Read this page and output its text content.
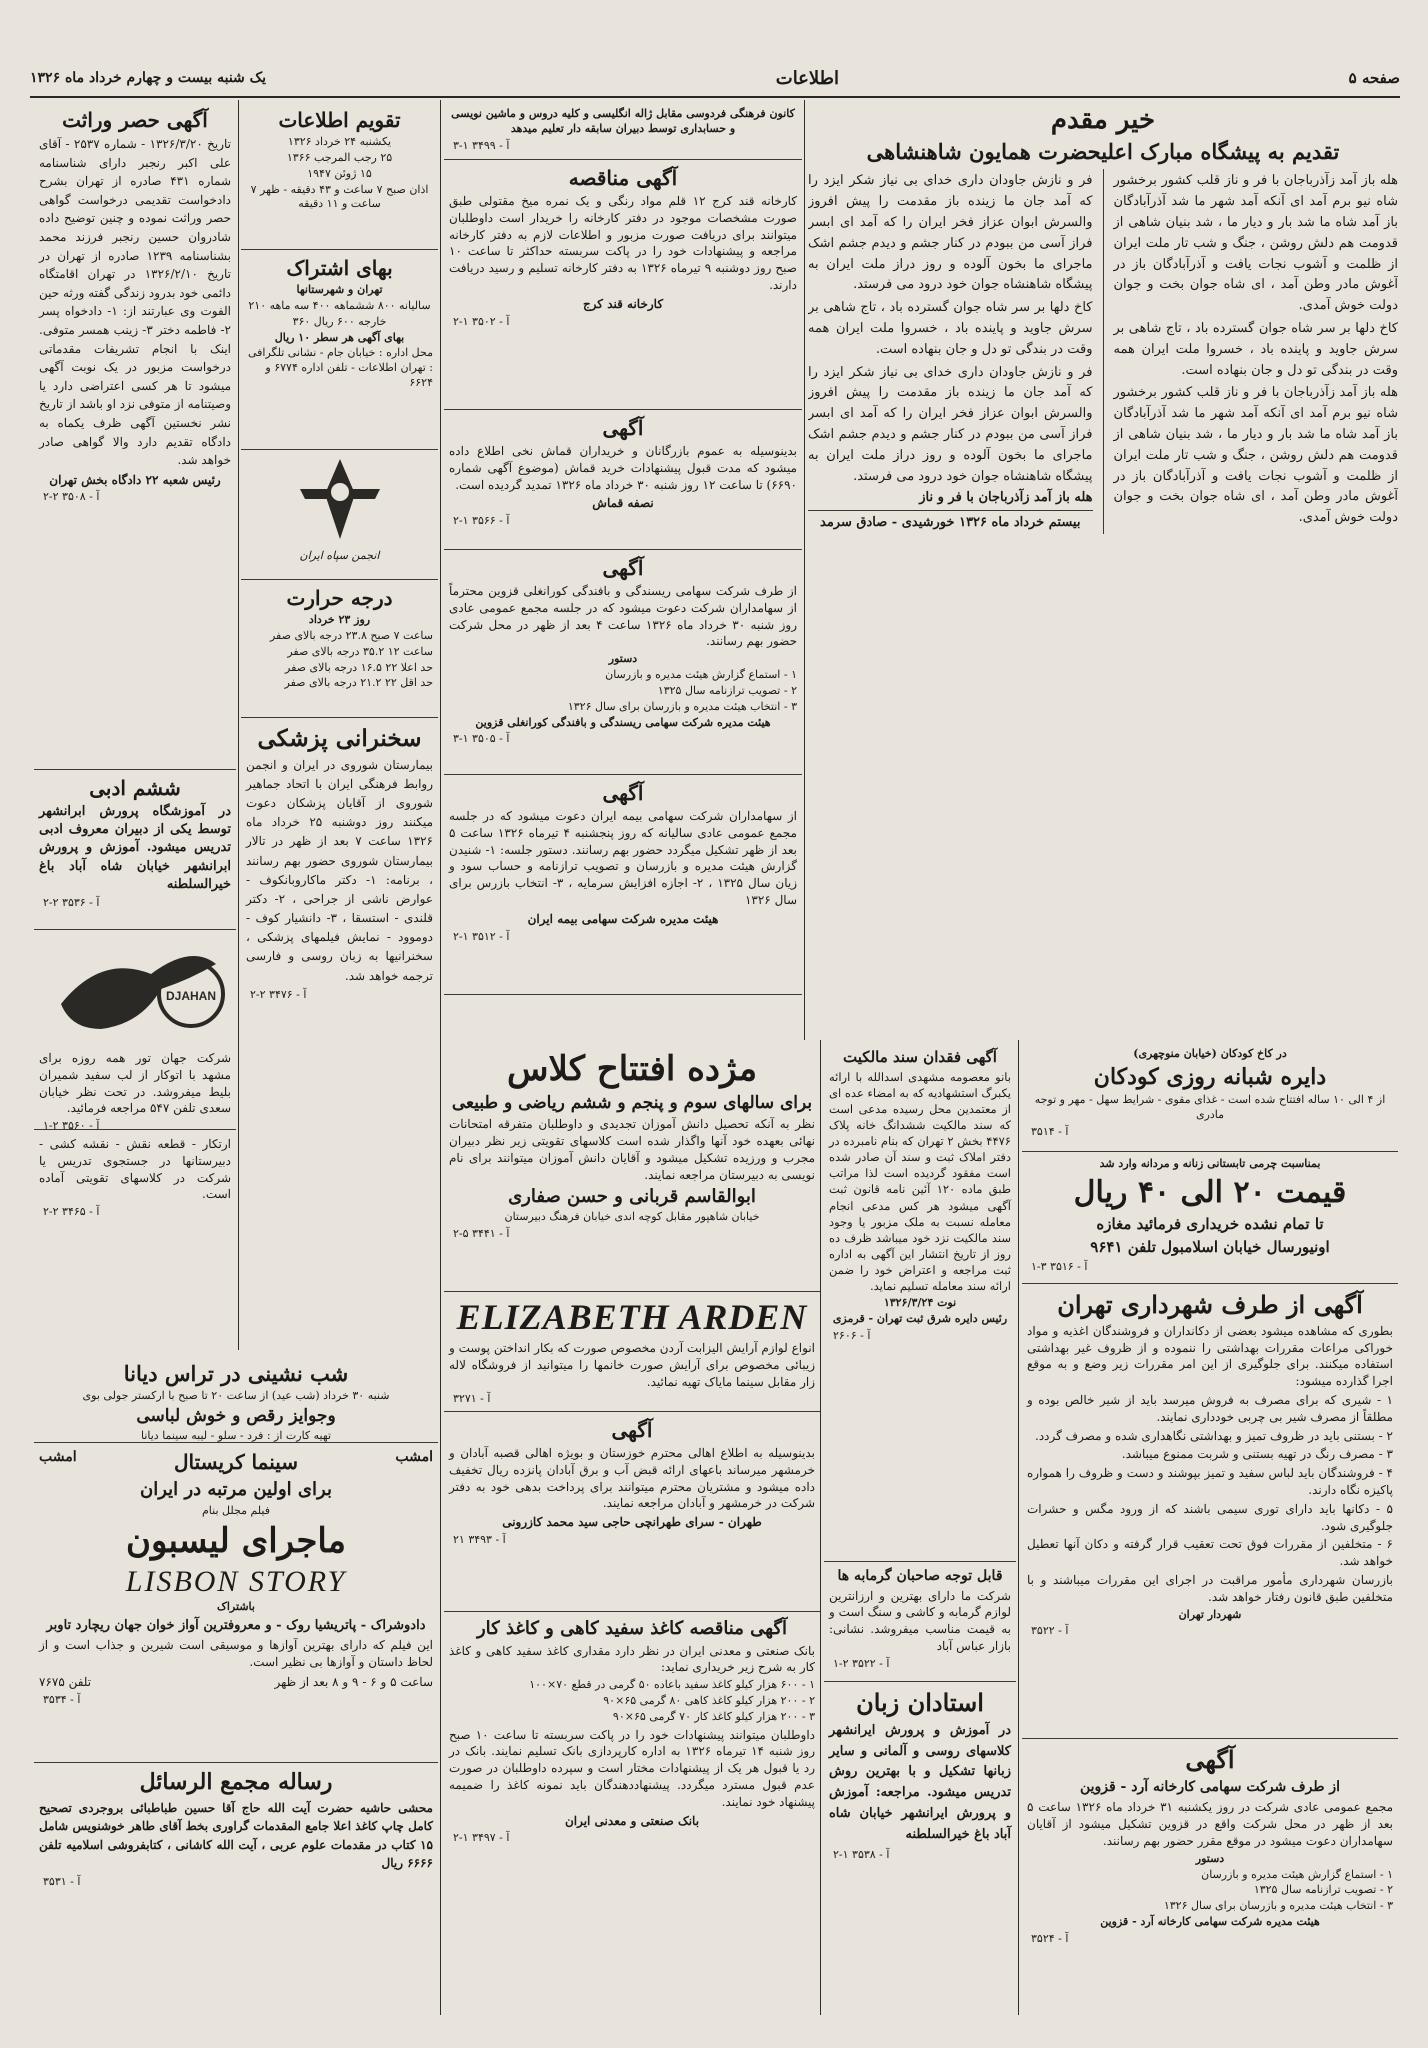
صفحه ۵
اطلاعات
یک شنبه بیست و چهارم خرداد ماه ۱۳۲۶
خیر مقدم
تقدیم به پیشگاه مبارک اعلیحضرت همایون شاهنشاهی

هله باز آمد زآذرباجان با فر و ناز قلب کشور برخشور شاه نیو برم آمد ای آنکه آمد شهر ما شد آذرآبادگان باز آمد شاه ما شد بار و دیار ما ، شد بنیان شاهی از قدومت هم دلش روشن ، جنگ و شب تار ملت ایران از ظلمت و آشوب نجات یافت و آذرآبادگان باز در آغوش مادر وطن آمد ، ای شاه جوان بخت و جوان دولت خوش آمدی.

کاخ دلها بر سر شاه جوان گسترده باد ، تاج شاهی بر سرش جاوید و پاینده باد ، خسروا ملت ایران همه وقت در بندگی تو دل و جان بنهاده است.

هله باز آمد زآذرباجان با فر و ناز قلب کشور برخشور شاه نیو برم آمد ای آنکه آمد شهر ما شد آذرآبادگان باز آمد شاه ما شد بار و دیار ما ، شد بنیان شاهی از قدومت هم دلش روشن ، جنگ و شب تار ملت ایران از ظلمت و آشوب نجات یافت و آذرآبادگان باز در آغوش مادر وطن آمد ، ای شاه جوان بخت و جوان دولت خوش آمدی.

فر و نازش جاودان داری خدای بی نیاز شکر ایزد را که آمد جان ما زینده باز مقدمت را پیش افروز والسرش ابوان عزاز فخر ایران را که آمد ای ابسر فراز آسی من ببودم در کنار جشم و دیدم جشم اشک ماجرای ما بخون آلوده و روز دراز ملت ایران به پیشگاه شاهنشاه جوان خود درود می فرستد.

کاخ دلها بر سر شاه جوان گسترده باد ، تاج شاهی بر سرش جاوید و پاینده باد ، خسروا ملت ایران همه وقت در بندگی تو دل و جان بنهاده است.

فر و نازش جاودان داری خدای بی نیاز شکر ایزد را که آمد جان ما زینده باز مقدمت را پیش افروز والسرش ابوان عزاز فخر ایران را که آمد ای ابسر فراز آسی من ببودم در کنار جشم و دیدم جشم اشک ماجرای ما بخون آلوده و روز دراز ملت ایران به پیشگاه شاهنشاه جوان خود درود می فرستد.

هله باز آمد زآذرباجان با فر و ناز

بیستم خرداد ماه ۱۳۲۶ خورشیدی - صادق سرمد

آگهی حصر وراثت

تاریخ ۱۳۲۶/۳/۲۰ - شماره ۲۵۳۷ - آقای علی اکبر رنجبر دارای شناسنامه شماره ۴۳۱ صادره از تهران بشرح دادخواست تقدیمی درخواست گواهی حصر وراثت نموده و چنین توضیح داده شادروان حسین رنجبر فرزند محمد بشناسنامه ۱۲۳۹ صادره از تهران در تاریخ ۱۳۲۶/۲/۱۰ در تهران اقامتگاه دائمی خود بدرود زندگی گفته ورثه حین الفوت وی عبارتند از: ۱- دادخواه پسر ۲- فاطمه دختر ۳- زینب همسر متوفی. اینک با انجام تشریفات مقدماتی درخواست مزبور در یک نوبت آگهی میشود تا هر کسی اعتراضی دارد یا وصیتنامه از متوفی نزد او باشد از تاریخ نشر نخستین آگهی ظرف یکماه به دادگاه تقدیم دارد والا گواهی صادر خواهد شد.

رئیس شعبه ۲۲ دادگاه بخش تهران

۲-۲ آ - ۳۵۰۸

ششم ادبی

در آموزشگاه پرورش ابرانشهر توسط یکی از دبیران معروف ادبی تدریس میشود. آموزش و پرورش ابرانشهر خیابان شاه آباد باغ خیرالسلطنه

۲-۲ آ - ۳۵۳۶

DJAHAN

شرکت جهان تور همه روزه برای مشهد با اتوکار از لب سفید شمیران بلیط میفروشد. در تحت نظر خیابان سعدی تلفن ۵۴۷ مراجعه فرمائید.

۱-۲ آ - ۳۵۶۰

ارتکار - قطعه نقش - نقشه کشی - دبیرستانها در جستجوی تدریس یا شرکت در کلاسهای تقویتی آماده است.

۲-۲ آ - ۳۴۶۵

تقویم اطلاعات

یکشنبه ۲۴ خرداد ۱۳۲۶

۲۵ رجب المرجب ۱۳۶۶

۱۵ ژوئن ۱۹۴۷

اذان صبح ۷ ساعت و ۴۳ دقیقه - ظهر ۷ ساعت و ۱۱ دقیقه

بهای اشتراک

تهران و شهرستانها

سالیانه ۸۰۰ ششماهه ۴۰۰ سه ماهه ۲۱۰

خارجه ۶۰۰ ریال ۳۶۰

بهای آگهی هر سطر ۱۰ ریال

محل اداره : خیابان جام - نشانی تلگرافی : تهران اطلاعات - تلفن اداره ۶۷۷۴ و ۶۶۲۴

انجمن سپاه ایران

درجه حرارت

روز ۲۳ خرداد

ساعت ۷ صبح ۲۳.۸ درجه بالای صفر

ساعت ۱۲ ۳۵.۲ درجه بالای صفر

حد اعلا ۲۲ ۱۶.۵ درجه بالای صفر

حد اقل ۲۲ ۲۱.۲ درجه بالای صفر

سخنرانی پزشکی

بیمارستان شوروی در ایران و انجمن روابط فرهنگی ایران با اتحاد جماهیر شوروی از آقایان پزشکان دعوت میکنند روز دوشنبه ۲۵ خرداد ماه ۱۳۲۶ ساعت ۷ بعد از ظهر در تالار بیمارستان شوروی حضور بهم رسانند ، برنامه: ۱- دکتر ماکاروبانکوف - عوارض ناشی از جراحی ، ۲- دکتر قلندی - استسقا ، ۳- دانشیار کوف - دوموود - نمایش فیلمهای پزشکی ، سخنرانیها به زبان روسی و فارسی ترجمه خواهد شد.

۲-۲ آ - ۳۴۷۶

کانون فرهنگی فردوسی مقابل ژاله انگلیسی و کلیه دروس و ماشین نویسی و حسابداری توسط دبیران سابقه دار تعلیم میدهد

۳-۱ آ - ۳۴۹۹

آگهی مناقصه

کارخانه قند کرج ۱۲ قلم مواد رنگی و یک نمره میخ مقتولی طبق صورت مشخصات موجود در دفتر کارخانه را خریدار است داوطلبان میتوانند برای دریافت صورت مزبور و اطلاعات لازم به دفتر کارخانه مراجعه و پیشنهادات خود را در پاکت سربسته حداکثر تا ساعت ۱۰ صبح روز دوشنبه ۹ تیرماه ۱۳۲۶ به دفتر کارخانه تسلیم و رسید دریافت دارند.

کارخانه قند کرج

۲-۱ آ - ۳۵۰۲

آگهی

بدینوسیله به عموم بازرگانان و خریداران قماش نخی اطلاع داده میشود که مدت قبول پیشنهادات خرید قماش (موضوع آگهی شماره ۶۶۹۰) تا ساعت ۱۲ روز شنبه ۳۰ خرداد ماه ۱۳۲۶ تمدید گردیده است.

نصفه قماش

۲-۱ آ - ۳۵۶۶

آگهی

از طرف شرکت سهامی ریسندگی و بافندگی کورانغلی قزوین محترماً از سهامداران شرکت دعوت میشود که در جلسه مجمع عمومی عادی روز شنبه ۳۰ خرداد ماه ۱۳۲۶ ساعت ۴ بعد از ظهر در محل شرکت حضور بهم رسانند.

دستور

۱ - استماع گزارش هیئت مدیره و بازرسان

۲ - تصویب ترازنامه سال ۱۳۲۵

۳ - انتخاب هیئت مدیره و بازرسان برای سال ۱۳۲۶

هیئت مدیره شرکت سهامی ریسندگی و بافندگی کورانغلی قزوین

۳-۱ آ - ۳۵۰۵

آگهی

از سهامداران شرکت سهامی بیمه ایران دعوت میشود که در جلسه مجمع عمومی عادی سالیانه که روز پنجشنبه ۴ تیرماه ۱۳۲۶ ساعت ۵ بعد از ظهر تشکیل میگردد حضور بهم رسانند. دستور جلسه: ۱- شنیدن گزارش هیئت مدیره و بازرسان و تصویب ترازنامه و حساب سود و زیان سال ۱۳۲۵ ، ۲- اجازه افزایش سرمایه ، ۳- انتخاب بازرس برای سال ۱۳۲۶

هیئت مدیره شرکت سهامی بیمه ایران

۲-۱ آ - ۳۵۱۲

آگهی فقدان سند مالکیت

بانو معصومه مشهدی اسدالله با ارائه یکبرگ استشهادیه که به امضاء عده ای از معتمدین محل رسیده مدعی است که سند مالکیت ششدانگ خانه پلاک ۴۴۷۶ بخش ۲ تهران که بنام نامبرده در دفتر املاک ثبت و سند آن صادر شده است مفقود گردیده است لذا مراتب طبق ماده ۱۲۰ آئین نامه قانون ثبت آگهی میشود هر کس مدعی انجام معامله نسبت به ملک مزبور یا وجود سند مالکیت نزد خود میباشد ظرف ده روز از تاریخ انتشار این آگهی به اداره ثبت مراجعه و اعتراض خود را ضمن ارائه سند معامله تسلیم نماید.

نوت ۱۳۲۶/۳/۲۴

رئیس دایره شرق ثبت تهران - قرمزی

آ - ۲۶۰۶

قابل توجه صاحبان گرمابه ها

شرکت ما دارای بهترین و ارزانترین لوازم گرمابه و کاشی و سنگ است و به قیمت مناسب میفروشد. نشانی: بازار عباس آباد

۱-۲ آ - ۳۵۲۲

استادان زبان

در آموزش و پرورش ایرانشهر کلاسهای روسی و آلمانی و سایر زبانها تشکیل و با بهترین روش تدریس میشود. مراجعه: آموزش و پرورش ایرانشهر خیابان شاه آباد باغ خیرالسلطنه

۲-۱ آ - ۳۵۳۸

در کاخ کودکان (خیابان منوچهری)

دایره شبانه روزی کودکان

از ۴ الی ۱۰ ساله افتتاح شده است - غذای مقوی - شرایط سهل - مهر و توجه مادری

آ - ۳۵۱۴

بمناسبت چرمی تابستانی زنانه و مردانه وارد شد

قیمت ۲۰ الی ۴۰ ریال

تا تمام نشده خریداری فرمائید مغازه

اونیورسال خیابان اسلامبول تلفن ۹۶۴۱

۱-۳ آ - ۳۵۱۶

آگهی از طرف شهرداری تهران

بطوری که مشاهده میشود بعضی از دکانداران و فروشندگان اغذیه و مواد خوراکی مراعات مقررات بهداشتی را ننموده و از ظروف غیر بهداشتی استفاده میکنند. برای جلوگیری از این امر مقررات زیر وضع و به موقع اجرا گذارده میشود:

۱ - شیری که برای مصرف به فروش میرسد باید از شیر خالص بوده و مطلقاً از مصرف شیر بی چربی خودداری نمایند.

۲ - بستنی باید در ظروف تمیز و بهداشتی نگاهداری شده و مصرف گردد.

۳ - مصرف رنگ در تهیه بستنی و شربت ممنوع میباشد.

۴ - فروشندگان باید لباس سفید و تمیز بپوشند و دست و ظروف را همواره پاکیزه نگاه دارند.

۵ - دکانها باید دارای توری سیمی باشند که از ورود مگس و حشرات جلوگیری شود.

۶ - متخلفین از مقررات فوق تحت تعقیب قرار گرفته و دکان آنها تعطیل خواهد شد.

بازرسان شهرداری مأمور مراقبت در اجرای این مقررات میباشند و با متخلفین طبق قانون رفتار خواهد شد.

شهردار تهران

آ - ۳۵۲۲

آگهی

از طرف شرکت سهامی کارخانه آرد - قزوین

مجمع عمومی عادی شرکت در روز یکشنبه ۳۱ خرداد ماه ۱۳۲۶ ساعت ۵ بعد از ظهر در محل شرکت واقع در قزوین تشکیل میشود از آقایان سهامداران دعوت میشود در موقع مقرر حضور بهم رسانند.

دستور

۱ - استماع گزارش هیئت مدیره و بازرسان

۲ - تصویب ترازنامه سال ۱۳۲۵

۳ - انتخاب هیئت مدیره و بازرسان برای سال ۱۳۲۶

هیئت مدیره شرکت سهامی کارخانه آرد - قزوین

آ - ۳۵۲۴

مژده افتتاح کلاس
برای سالهای سوم و پنجم و ششم ریاضی و طبیعی

نظر به آنکه تحصیل دانش آموزان تجدیدی و داوطلبان متفرقه امتحانات نهائی بعهده خود آنها واگذار شده است کلاسهای تقویتی زیر نظر دبیران مجرب و ورزیده تشکیل میشود و آقایان دانش آموزان میتوانند برای نام نویسی به دبیرستان مراجعه نمایند.

ابوالقاسم قربانی و حسن صفاری

خیابان شاهپور مقابل کوچه اندی خیابان فرهنگ دبیرستان

۲-۵ آ - ۳۴۴۱

ELIZABETH ARDEN

انواع لوازم آرایش الیزابت آردن مخصوص صورت که بکار انداختن پوست و زیبائی مخصوص برای آرایش صورت خانمها را میتوانید از فروشگاه لاله زار مقابل سینما مایاک تهیه نمائید.

آ - ۳۲۷۱

آگهی

بدینوسیله به اطلاع اهالی محترم خوزستان و بویژه اهالی قصبه آبادان و خرمشهر میرساند باعهای ارائه قبض آب و برق آبادان پانزده ریال تخفیف داده میشود و مشتریان محترم میتوانند برای پرداخت بدهی خود به دفتر شرکت در خرمشهر و آبادان مراجعه نمایند.

طهران - سرای طهرانچی حاجی سید محمد کازرونی

۲۱ آ - ۳۴۹۳

آگهی مناقصه کاغذ سفید کاهی و کاغذ کار

بانک صنعتی و معدنی ایران در نظر دارد مقداری کاغذ سفید کاهی و کاغذ کار به شرح زیر خریداری نماید:

۱ - ۶۰۰ هزار کیلو کاغذ سفید باعاده ۵۰ گرمی در قطع ۷۰×۱۰۰

۲ - ۲۰۰ هزار کیلو کاغذ کاهی ۸۰ گرمی ۶۵×۹۰

۳ - ۲۰۰ هزار کیلو کاغذ کار ۷۰ گرمی ۶۵×۹۰

داوطلبان میتوانند پیشنهادات خود را در پاکت سربسته تا ساعت ۱۰ صبح روز شنبه ۱۴ تیرماه ۱۳۲۶ به اداره کارپردازی بانک تسلیم نمایند. بانک در رد یا قبول هر یک از پیشنهادات مختار است و سپرده داوطلبان در صورت عدم قبول مسترد میگردد. پیشنهاددهندگان باید نمونه کاغذ را ضمیمه پیشنهاد خود نمایند.

بانک صنعتی و معدنی ایران

۲-۱ آ - ۳۴۹۷

شب نشینی در تراس دیانا

شنبه ۳۰ خرداد (شب عید) از ساعت ۲۰ تا صبح با ارکستر جولی بوی

وجوایز رقص و خوش لباسی

تهیه کارت از : فرد - سلو - لیبه سینما دیانا

امشب
سینما کریستال
امشب
برای اولین مرتبه در ایران

فیلم مجلل بنام

ماجرای لیسبون
LISBON STORY

باشتراک

دادوشراک - پاتریشیا روک - و معروفترین آواز خوان جهان ریچارد تاوبر

این فیلم که دارای بهترین آوازها و موسیقی است شیرین و جذاب است و از لحاظ داستان و آوازها بی نظیر است.

ساعت ۵ و ۶ - ۹ و ۸ بعد از ظهر
تلفن ۷۶۷۵

آ - ۳۵۳۴

رساله مجمع الرسائل

محشی حاشیه حضرت آیت الله حاج آقا حسین طباطبائی بروجردی تصحیح کامل چاپ کاغذ اعلا جامع المقدمات گراوری بخط آقای طاهر خوشنویس شامل ۱۵ کتاب در مقدمات علوم عربی ، آیت الله کاشانی ، کتابفروشی اسلامیه تلفن ۶۶۶۶ ریال

آ - ۳۵۳۱
